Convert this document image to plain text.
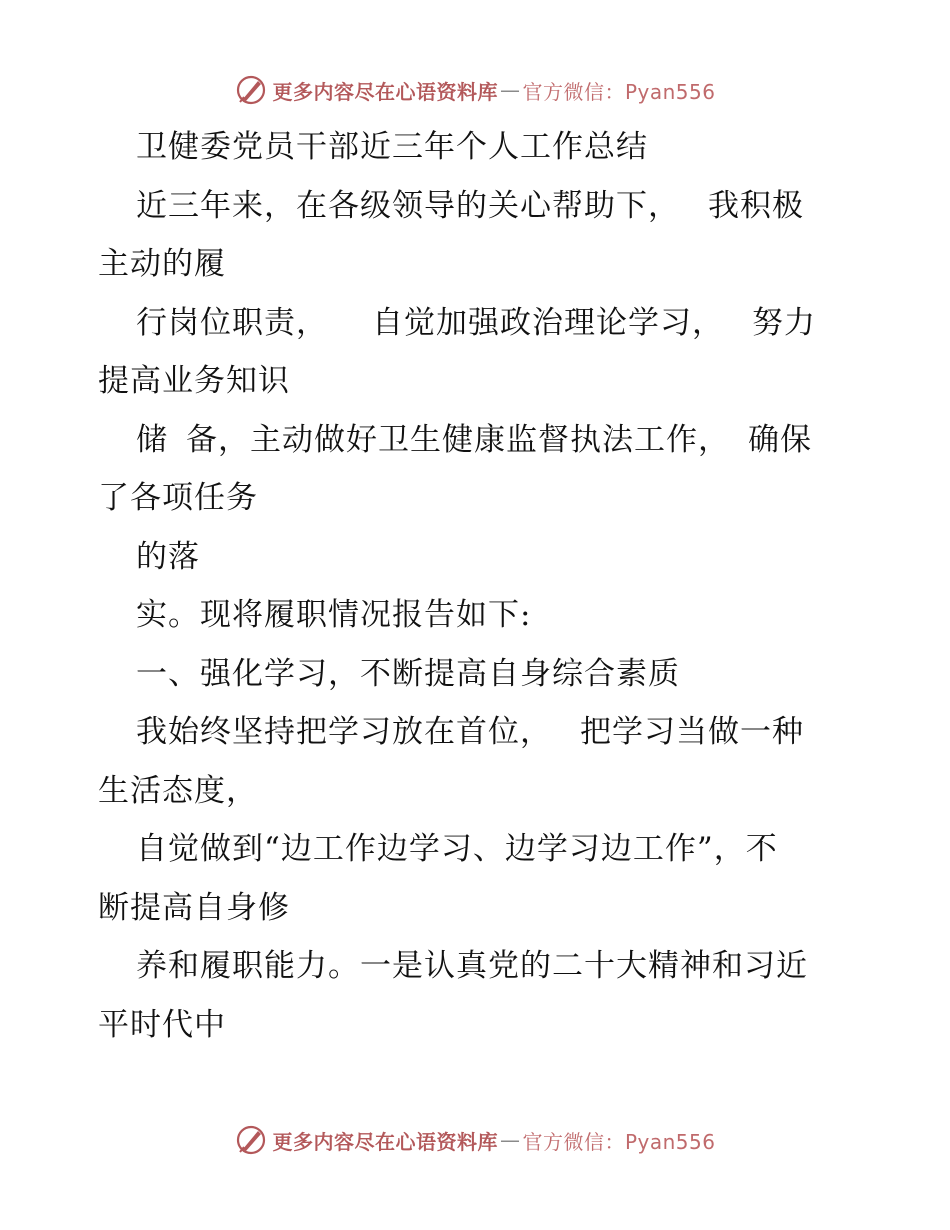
更多内容尽在心语资料库 — 官方微信：Pyan556
卫健委党员干部近三年个人工作总结
近三年来，在各级领导的关心帮助下， 我积极
主动的履
行岗位职责， 自觉加强政治理论学习， 努力
提高业务知识
储 备，主动做好卫生健康监督执法工作， 确保
了各项任务
的落
实。现将履职情况报告如下:
一、强化学习，不断提高自身综合素质
我始终坚持把学习放在首位， 把学习当做一种
生活态度，
自觉做到“边工作边学习、边学习边工作”，不
断提高自身修
养和履职能力。一是认真党的二十大精神和习近
平时代中
更多内容尽在心语资料库 — 官方微信：Pyan556
